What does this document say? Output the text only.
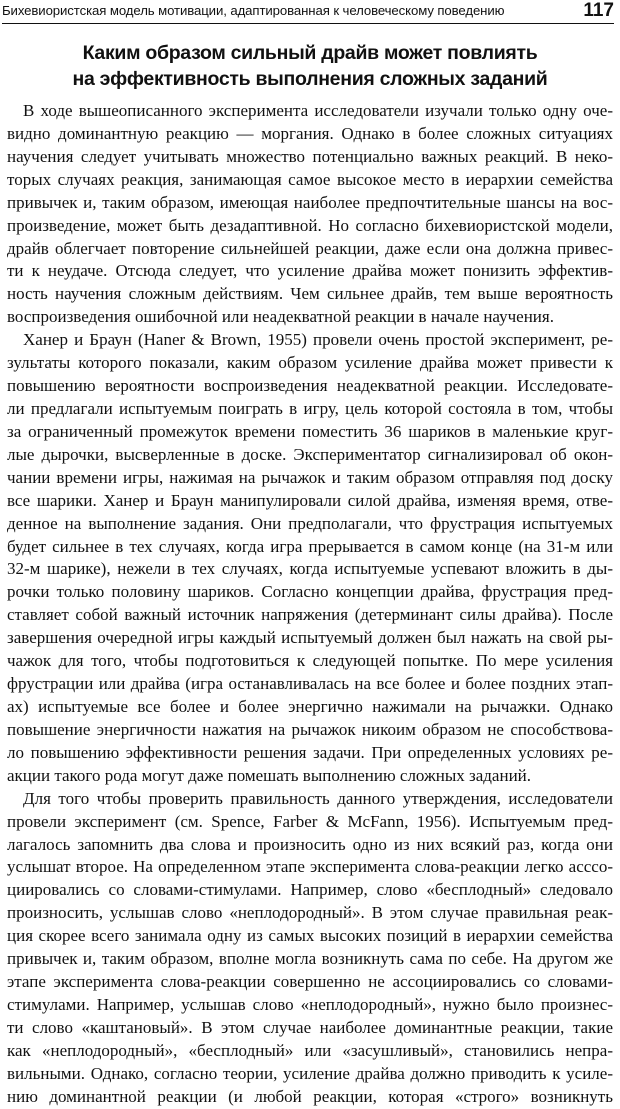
Бихевиористская модель мотивации, адаптированная к человеческому поведению	117
Каким образом сильный драйв может повлиять
на эффективность выполнения сложных заданий
В ходе вышеописанного эксперимента исследователи изучали только одну оче-
видно доминантную реакцию — моргания. Однако в более сложных ситуациях
научения следует учитывать множество потенциально важных реакций. В неко-
торых случаях реакция, занимающая самое высокое место в иерархии семейства
привычек и, таким образом, имеющая наиболее предпочтительные шансы на вос-
произведение, может быть дезадаптивной. Но согласно бихевиористской модели,
драйв облегчает повторение сильнейшей реакции, даже если она должна привес-
ти к неудаче. Отсюда следует, что усиление драйва может понизить эффектив-
ность научения сложным действиям. Чем сильнее драйв, тем выше вероятность
воспроизведения ошибочной или неадекватной реакции в начале научения.
Ханер и Браун (Haner & Brown, 1955) провели очень простой эксперимент, ре-
зультаты которого показали, каким образом усиление драйва может привести к
повышению вероятности воспроизведения неадекватной реакции. Исследовате-
ли предлагали испытуемым поиграть в игру, цель которой состояла в том, чтобы
за ограниченный промежуток времени поместить 36 шариков в маленькие круг-
лые дырочки, высверленные в доске. Экспериментатор сигнализировал об окон-
чании времени игры, нажимая на рычажок и таким образом отправляя под доску
все шарики. Ханер и Браун манипулировали силой драйва, изменяя время, отве-
денное на выполнение задания. Они предполагали, что фрустрация испытуемых
будет сильнее в тех случаях, когда игра прерывается в самом конце (на 31-м или
32-м шарике), нежели в тех случаях, когда испытуемые успевают вложить в ды-
рочки только половину шариков. Согласно концепции драйва, фрустрация пред-
ставляет собой важный источник напряжения (детерминант силы драйва). После
завершения очередной игры каждый испытуемый должен был нажать на свой ры-
чажок для того, чтобы подготовиться к следующей попытке. По мере усиления
фрустрации или драйва (игра останавливалась на все более и более поздних этап-
ах) испытуемые все более и более энергично нажимали на рычажки. Однако
повышение энергичности нажатия на рычажок никоим образом не способствова-
ло повышению эффективности решения задачи. При определенных условиях ре-
акции такого рода могут даже помешать выполнению сложных заданий.
Для того чтобы проверить правильность данного утверждения, исследователи
провели эксперимент (см. Spence, Farber & McFann, 1956). Испытуемым пред-
лагалось запомнить два слова и произносить одно из них всякий раз, когда они
услышат второе. На определенном этапе эксперимента слова-реакции легко асссо-
циировались со словами-стимулами. Например, слово «бесплодный» следовало
произносить, услышав слово «неплодородный». В этом случае правильная реак-
ция скорее всего занимала одну из самых высоких позиций в иерархии семейства
привычек и, таким образом, вполне могла возникнуть сама по себе. На другом же
этапе эксперимента слова-реакции совершенно не ассоциировались со словами-
стимулами. Например, услышав слово «неплодородный», нужно было произнес-
ти слово «каштановый». В этом случае наиболее доминантные реакции, такие
как «неплодородный», «бесплодный» или «засушливый», становились непра-
вильными. Однако, согласно теории, усиление драйва должно приводить к усиле-
нию доминантной реакции (и любой реакции, которая «строго» возникнуть
